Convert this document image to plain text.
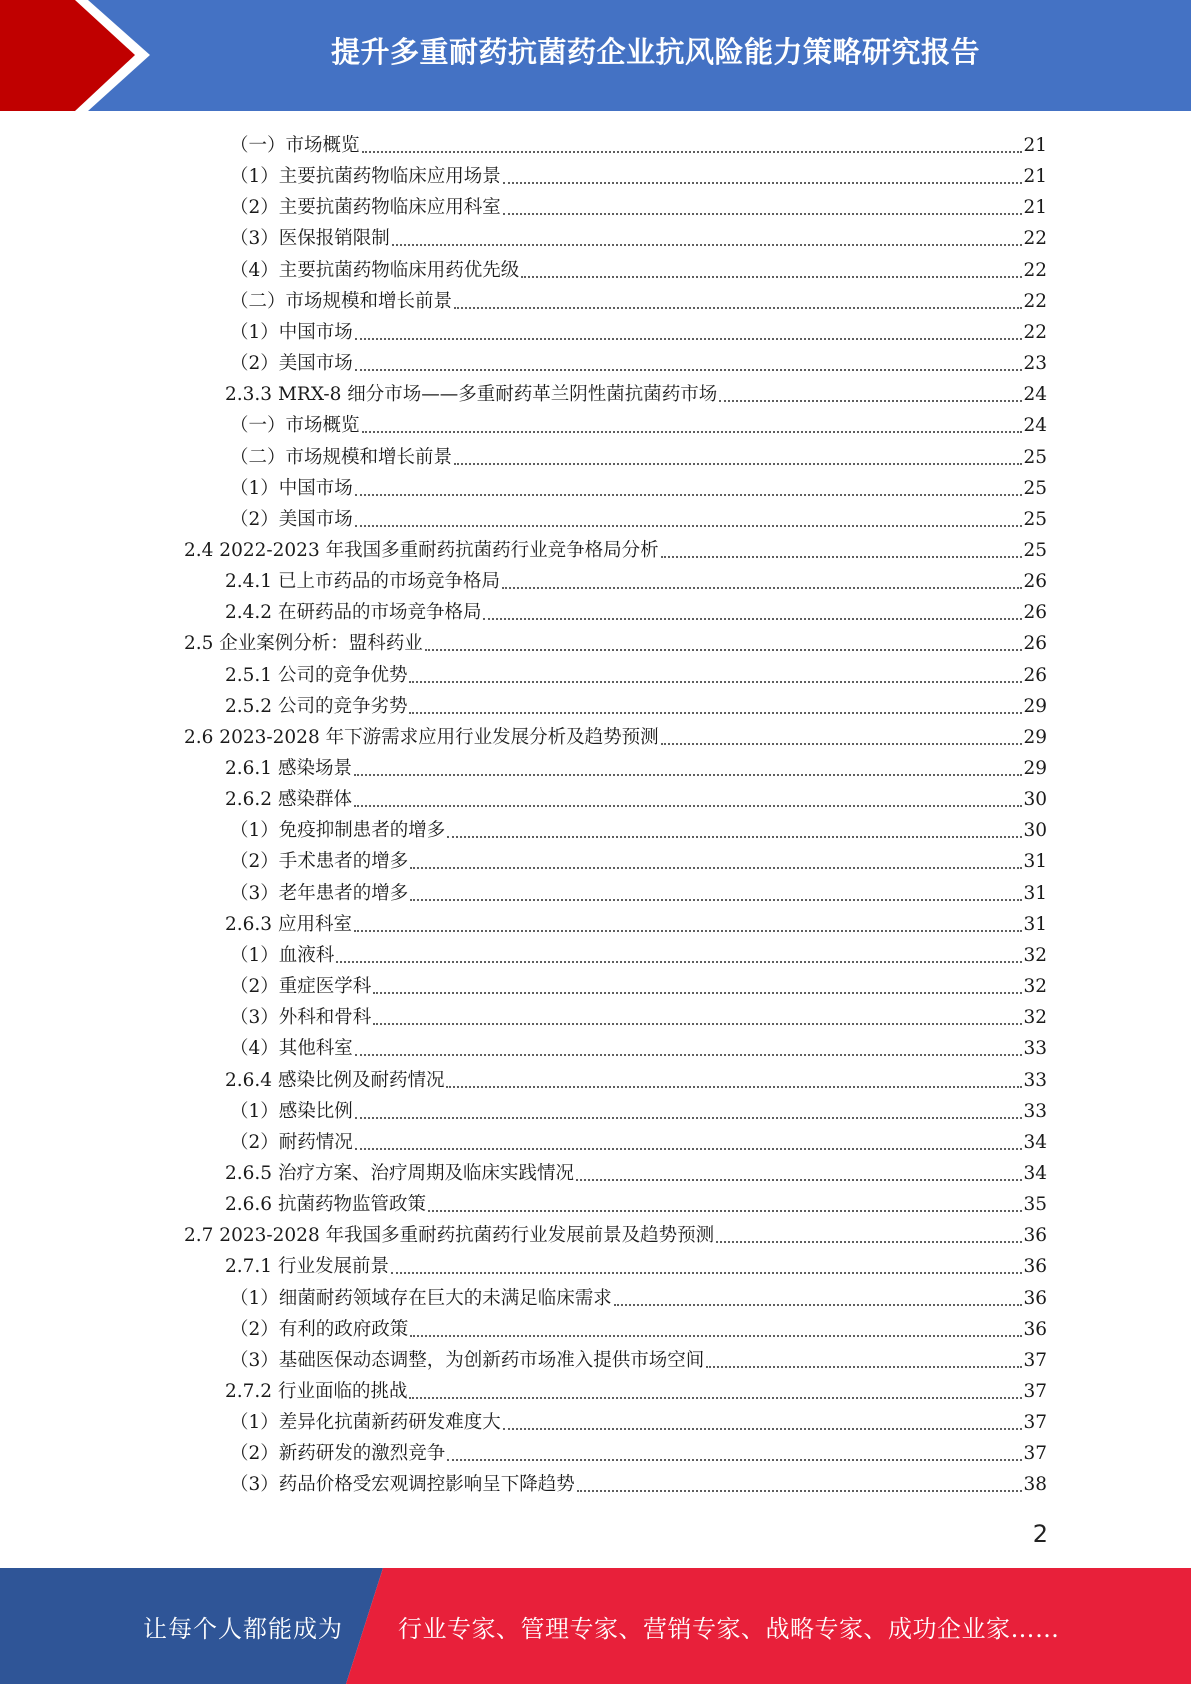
提升多重耐药抗菌药企业抗风险能力策略研究报告
（一）市场概览	21
（1）主要抗菌药物临床应用场景	21
（2）主要抗菌药物临床应用科室	21
（3）医保报销限制	22
（4）主要抗菌药物临床用药优先级	22
（二）市场规模和增长前景	22
（1）中国市场	22
（2）美国市场	23
2.3.3 MRX-8 细分市场——多重耐药革兰阴性菌抗菌药市场	24
（一）市场概览	24
（二）市场规模和增长前景	25
（1）中国市场	25
（2）美国市场	25
2.4 2022-2023 年我国多重耐药抗菌药行业竞争格局分析	25
2.4.1 已上市药品的市场竞争格局	26
2.4.2 在研药品的市场竞争格局	26
2.5 企业案例分析：盟科药业	26
2.5.1 公司的竞争优势	26
2.5.2 公司的竞争劣势	29
2.6 2023-2028 年下游需求应用行业发展分析及趋势预测	29
2.6.1 感染场景	29
2.6.2 感染群体	30
（1）免疫抑制患者的增多	30
（2）手术患者的增多	31
（3）老年患者的增多	31
2.6.3 应用科室	31
（1）血液科	32
（2）重症医学科	32
（3）外科和骨科	32
（4）其他科室	33
2.6.4 感染比例及耐药情况	33
（1）感染比例	33
（2）耐药情况	34
2.6.5 治疗方案、治疗周期及临床实践情况	34
2.6.6 抗菌药物监管政策	35
2.7 2023-2028 年我国多重耐药抗菌药行业发展前景及趋势预测	36
2.7.1 行业发展前景	36
（1）细菌耐药领域存在巨大的未满足临床需求	36
（2）有利的政府政策	36
（3）基础医保动态调整，为创新药市场准入提供市场空间	37
2.7.2 行业面临的挑战	37
（1）差异化抗菌新药研发难度大	37
（2）新药研发的激烈竞争	37
（3）药品价格受宏观调控影响呈下降趋势	38
2
让每个人都能成为 行业专家、管理专家、营销专家、战略专家、成功企业家……
